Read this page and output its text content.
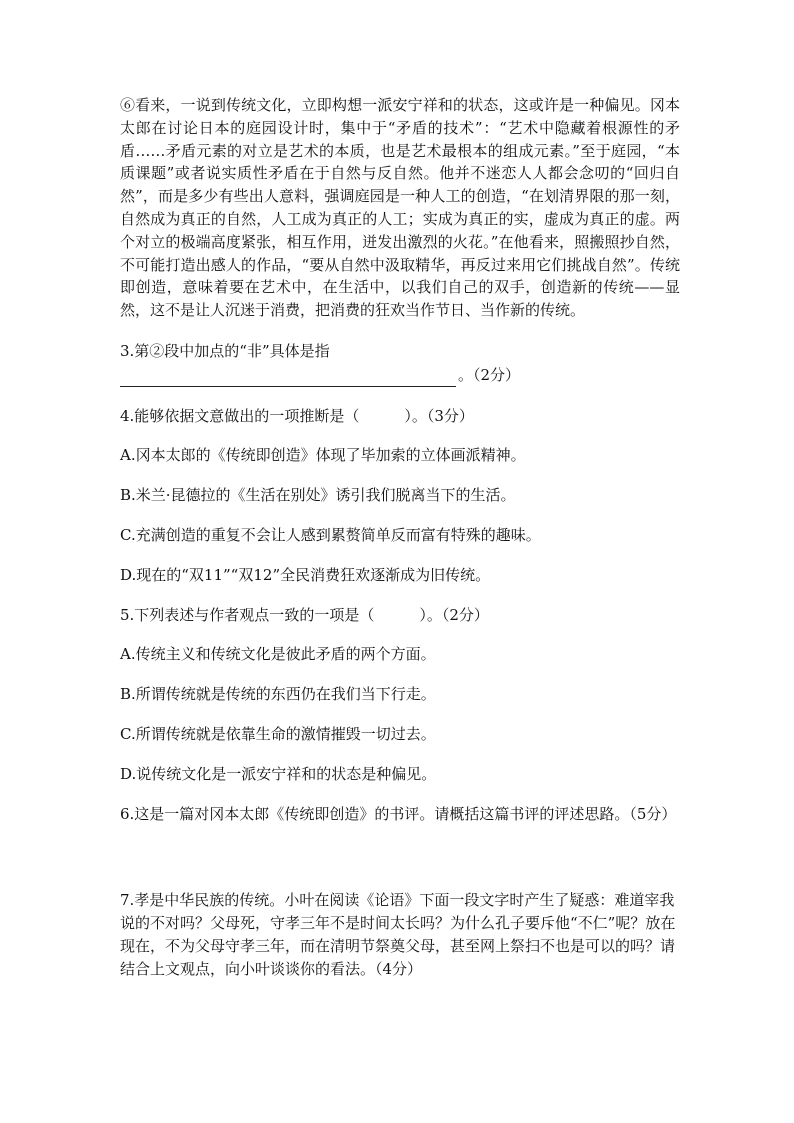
⑥看来，一说到传统文化，立即构想一派安宁祥和的状态，这或许是一种偏见。冈本太郎在讨论日本的庭园设计时，集中于“矛盾的技术”：“艺术中隐藏着根源性的矛盾……矛盾元素的对立是艺术的本质，也是艺术最根本的组成元素。”至于庭园，“本质课题”或者说实质性矛盾在于自然与反自然。他并不迷恋人人都会念叨的“回归自然”，而是多少有些出人意料，强调庭园是一种人工的创造，“在划清界限的那一刻，自然成为真正的自然，人工成为真正的人工；实成为真正的实，虚成为真正的虚。两个对立的极端高度紧张，相互作用，迸发出激烈的火花。”在他看来，照搬照抄自然，不可能打造出感人的作品，“要从自然中汲取精华，再反过来用它们挑战自然”。传统即创造，意味着要在艺术中，在生活中，以我们自己的双手，创造新的传统——显然，这不是让人沉迷于消费，把消费的狂欢当作节日、当作新的传统。

3.第②段中加点的“非”具体是指

。（2分）

4.能够依据文意做出的一项推断是（　　　）。（3分）

A.冈本太郎的《传统即创造》体现了毕加索的立体画派精神。

B.米兰·昆德拉的《生活在别处》诱引我们脱离当下的生活。

C.充满创造的重复不会让人感到累赘简单反而富有特殊的趣味。

D.现在的“双11”“双12”全民消费狂欢逐渐成为旧传统。

5.下列表述与作者观点一致的一项是（　　　）。（2分）

A.传统主义和传统文化是彼此矛盾的两个方面。

B.所谓传统就是传统的东西仍在我们当下行走。

C.所谓传统就是依靠生命的激情摧毁一切过去。

D.说传统文化是一派安宁祥和的状态是种偏见。

6.这是一篇对冈本太郎《传统即创造》的书评。请概括这篇书评的评述思路。（5分）

7.孝是中华民族的传统。小叶在阅读《论语》下面一段文字时产生了疑惑：难道宰我说的不对吗？父母死，守孝三年不是时间太长吗？为什么孔子要斥他“不仁”呢？放在现在，不为父母守孝三年，而在清明节祭奠父母，甚至网上祭扫不也是可以的吗？请结合上文观点，向小叶谈谈你的看法。（4分）
